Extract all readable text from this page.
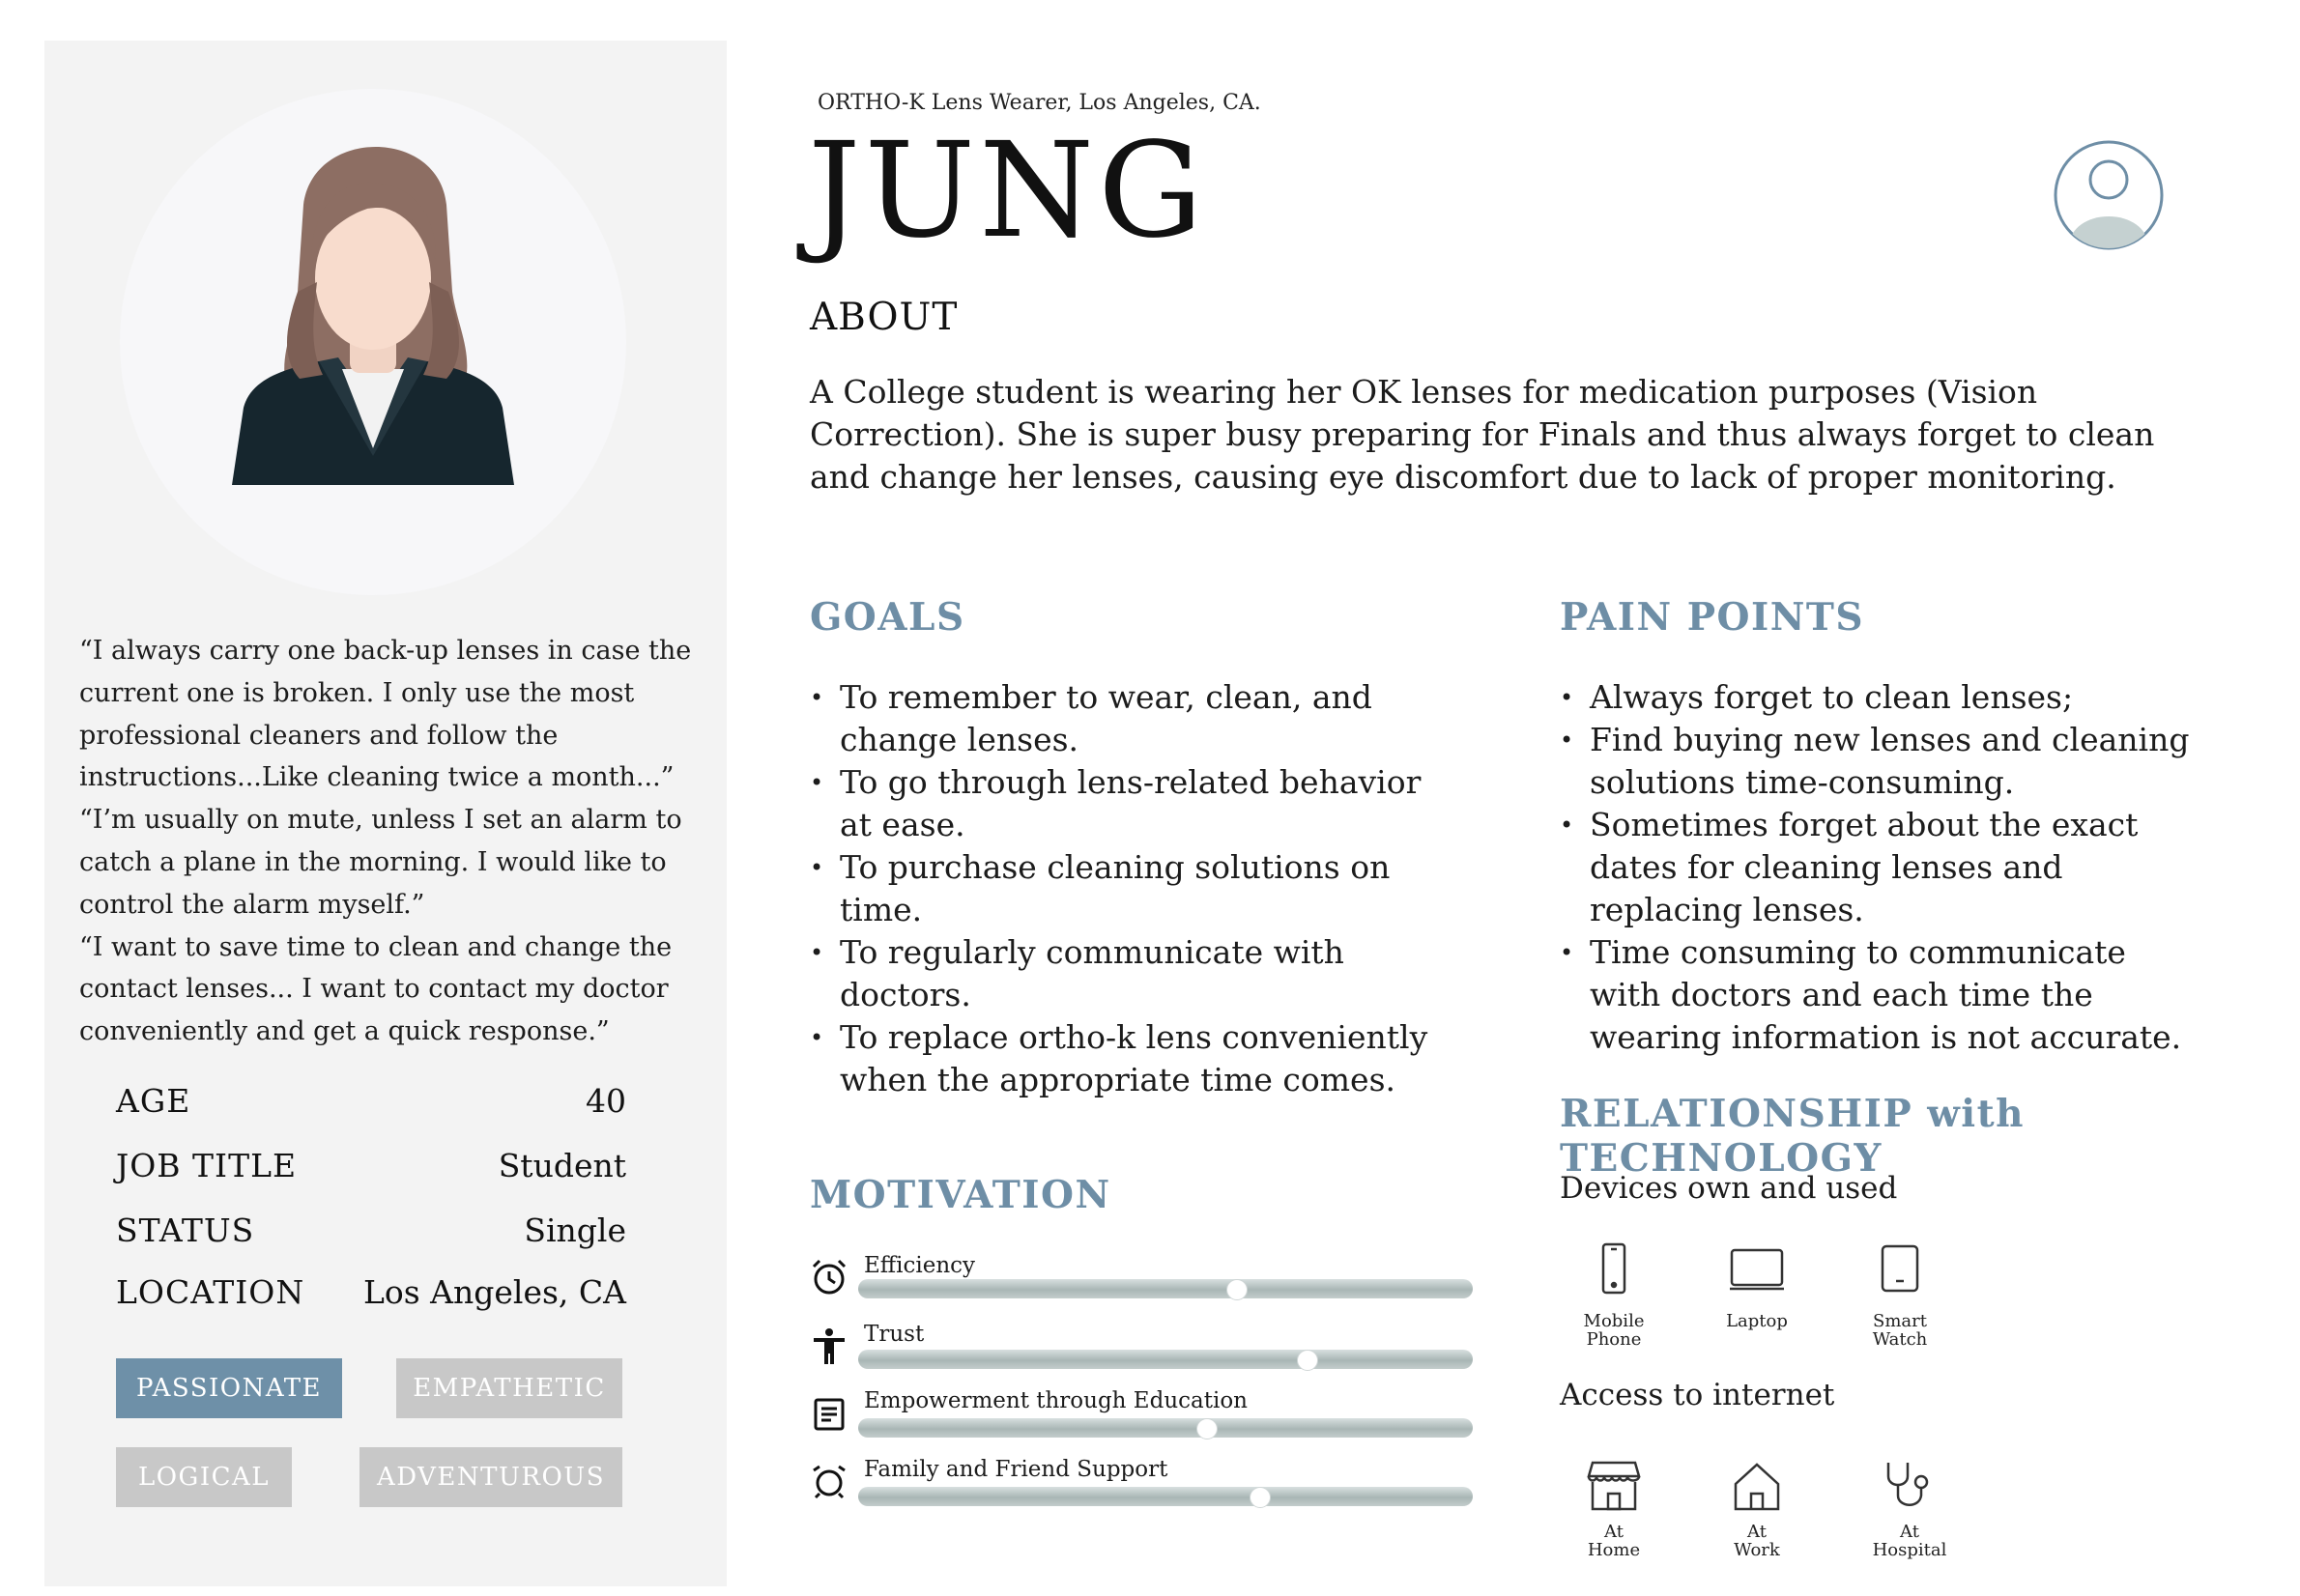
“I always carry one back-up lenses in case the current one is broken. I only use the most professional cleaners and follow the instructions...Like cleaning twice a month...”

“I’m usually on mute, unless I set an alarm to catch a plane in the morning. I would like to control the alarm myself.”

“I want to save time to clean and change the contact lenses... I want to contact my doctor conveniently and get a quick response.”

AGE	40
JOB TITLE	Student
STATUS	Single
LOCATION Los Angeles, CA
PASSIONATE	EMPATHETIC
LOGICAL	ADVENTUROUS
ORTHO-K Lens Wearer, Los Angeles, CA.
JUNG
ABOUT
A College student is wearing her OK lenses for medication purposes (Vision Correction). She is super busy preparing for Finals and thus always forget to clean and change her lenses, causing eye discomfort due to lack of proper monitoring.
GOALS
• To remember to wear, clean, and change lenses.
• To go through lens-related behavior at ease.
• To purchase cleaning solutions on time.
• To regularly communicate with doctors.
• To replace ortho-k lens conveniently when the appropriate time comes.
PAIN POINTS
• Always forget to clean lenses;
• Find buying new lenses and cleaning solutions time-consuming.
• Sometimes forget about the exact dates for cleaning lenses and replacing lenses.
• Time consuming to communicate with doctors and each time the wearing information is not accurate.
MOTIVATION
Efficiency
Trust
Empowerment through Education
Family and Friend Support
RELATIONSHIP with TECHNOLOGY
Devices own and used
Mobile
Phone
Laptop	Smart
Watch
Access to internet
At
Home
At
Work
At
Hospital
